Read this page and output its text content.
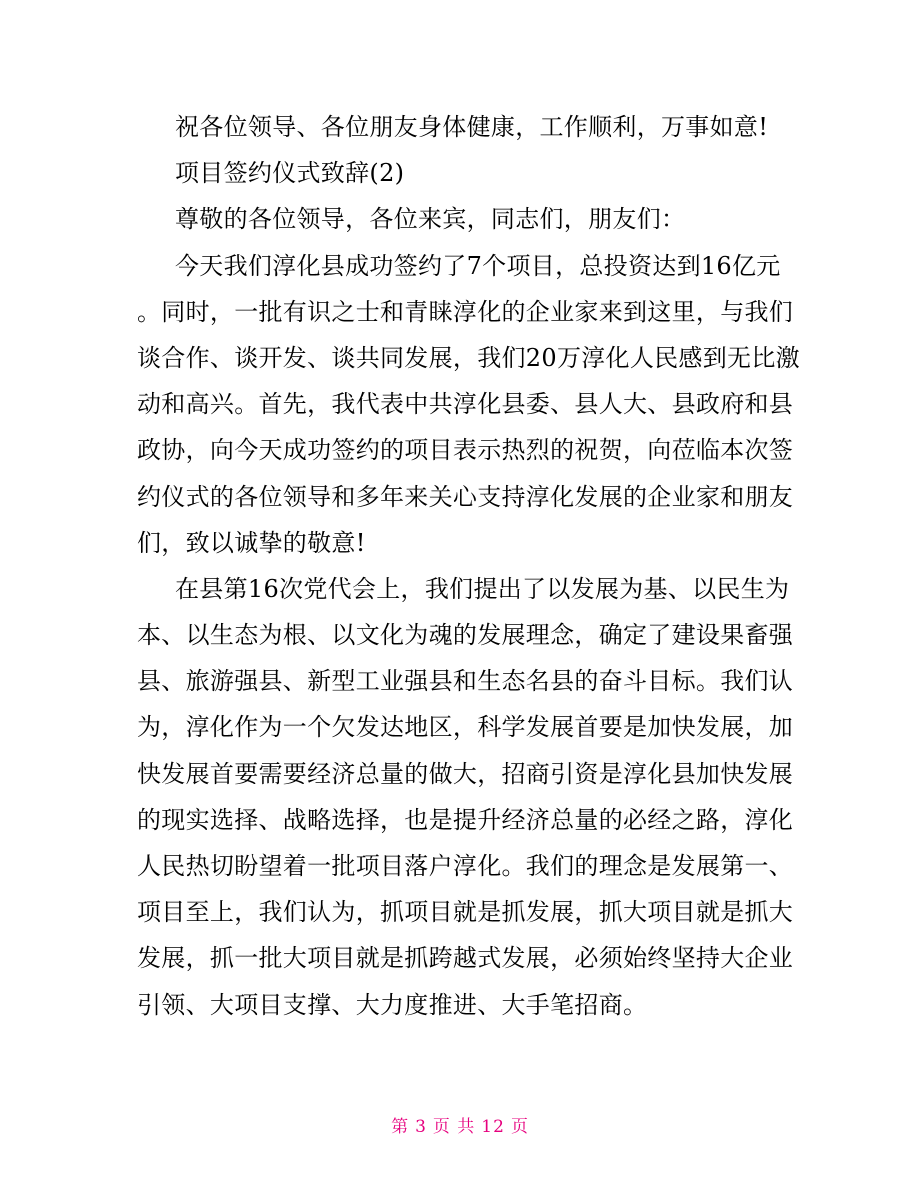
祝各位领导、各位朋友身体健康，工作顺利，万事如意!
项目签约仪式致辞(2)
尊敬的各位领导，各位来宾，同志们，朋友们：
今天我们淳化县成功签约了7个项目，总投资达到16亿元
。同时，一批有识之士和青睐淳化的企业家来到这里，与我们
谈合作、谈开发、谈共同发展，我们20万淳化人民感到无比激
动和高兴。首先，我代表中共淳化县委、县人大、县政府和县
政协，向今天成功签约的项目表示热烈的祝贺，向莅临本次签
约仪式的各位领导和多年来关心支持淳化发展的企业家和朋友
们，致以诚挚的敬意!
在县第16次党代会上，我们提出了以发展为基、以民生为
本、以生态为根、以文化为魂的发展理念，确定了建设果畜强
县、旅游强县、新型工业强县和生态名县的奋斗目标。我们认
为，淳化作为一个欠发达地区，科学发展首要是加快发展，加
快发展首要需要经济总量的做大，招商引资是淳化县加快发展
的现实选择、战略选择，也是提升经济总量的必经之路，淳化
人民热切盼望着一批项目落户淳化。我们的理念是发展第一、
项目至上，我们认为，抓项目就是抓发展，抓大项目就是抓大
发展，抓一批大项目就是抓跨越式发展，必须始终坚持大企业
引领、大项目支撑、大力度推进、大手笔招商。
第 3 页 共 12 页
